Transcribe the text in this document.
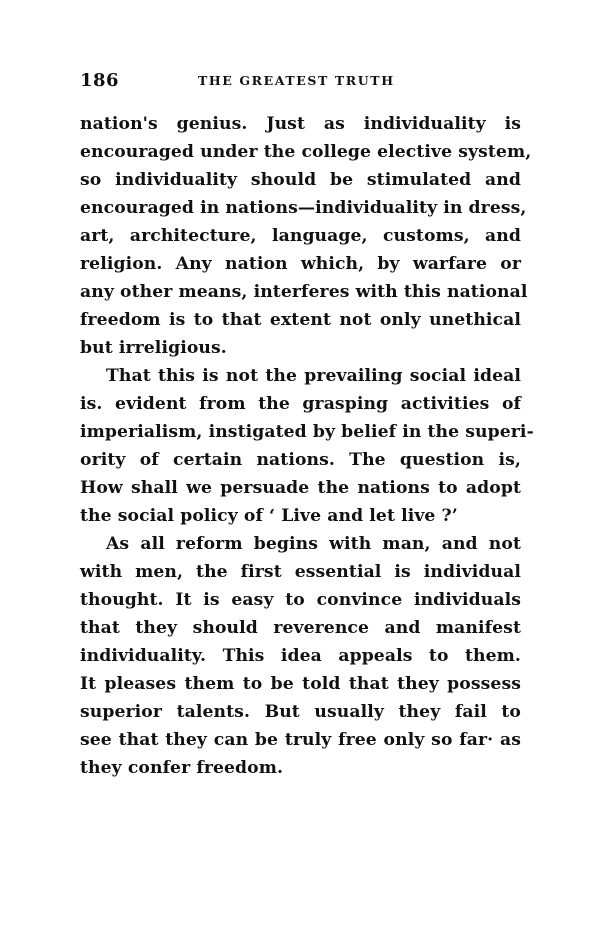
186	THE GREATEST TRUTH
nation's genius. Just as individuality is
encouraged under the college elective system,
so individuality should be stimulated and
encouraged in nations—individuality in dress,
art, architecture, language, customs, and
religion. Any nation which, by warfare or
any other means, interferes with this national
freedom is to that extent not only unethical
but irreligious.
That this is not the prevailing social ideal
is. evident from the grasping activities of
imperialism, instigated by belief in the superi-
ority of certain nations. The question is,
How shall we persuade the nations to adopt
the social policy of ‘ Live and let live ?’
As all reform begins with man, and not
with men, the first essential is individual
thought. It is easy to convince individuals
that they should reverence and manifest
individuality. This idea appeals to them.
It pleases them to be told that they possess
superior talents. But usually they fail to
see that they can be truly free only so far· as
they confer freedom.
